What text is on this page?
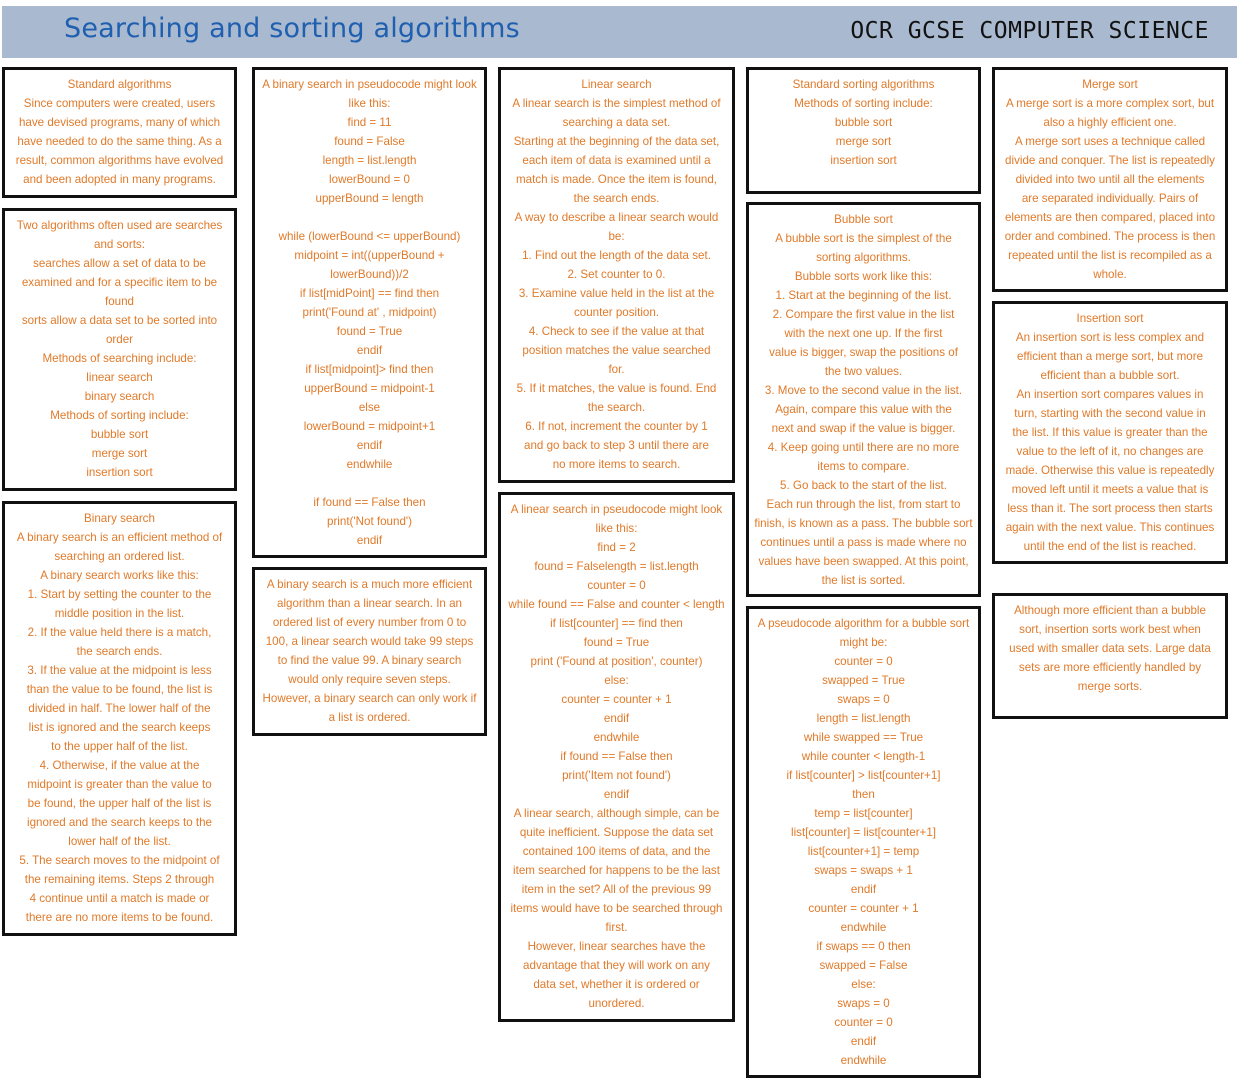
Searching and sorting algorithms	OCR GCSE COMPUTER SCIENCE
Standard algorithms
Since computers were created, users
have devised programs, many of which
have needed to do the same thing. As a
result, common algorithms have evolved
and been adopted in many programs.
Two algorithms often used are searches
and sorts:
searches allow a set of data to be
examined and for a specific item to be
found
sorts allow a data set to be sorted into
order
Methods of searching include:
linear search
binary search
Methods of sorting include:
bubble sort
merge sort
insertion sort
Binary search
A binary search is an efficient method of
searching an ordered list.
A binary search works like this:
1. Start by setting the counter to the
middle position in the list.
2. If the value held there is a match,
the search ends.
3. If the value at the midpoint is less
than the value to be found, the list is
divided in half. The lower half of the
list is ignored and the search keeps
to the upper half of the list.
4. Otherwise, if the value at the
midpoint is greater than the value to
be found, the upper half of the list is
ignored and the search keeps to the
lower half of the list.
5. The search moves to the midpoint of
the remaining items. Steps 2 through
4 continue until a match is made or
there are no more items to be found.
A binary search in pseudocode might look
like this:
find = 11
found = False
length = list.length
lowerBound = 0
upperBound = length

while (lowerBound <= upperBound)
midpoint = int((upperBound +
lowerBound))/2
if list[midPoint] == find then
print('Found at' , midpoint)
found = True
endif
if list[midpoint]> find then
upperBound = midpoint-1
else
lowerBound = midpoint+1
endif
endwhile

if found == False then
print('Not found')
endif
A binary search is a much more efficient
algorithm than a linear search. In an
ordered list of every number from 0 to
100, a linear search would take 99 steps
to find the value 99. A binary search
would only require seven steps.
However, a binary search can only work if
a list is ordered.
Linear search
A linear search is the simplest method of
searching a data set.
Starting at the beginning of the data set,
each item of data is examined until a
match is made. Once the item is found,
the search ends.
A way to describe a linear search would
be:
1. Find out the length of the data set.
2. Set counter to 0.
3. Examine value held in the list at the
counter position.
4. Check to see if the value at that
position matches the value searched
for.
5. If it matches, the value is found. End
the search.
6. If not, increment the counter by 1
and go back to step 3 until there are
no more items to search.
A linear search in pseudocode might look
like this:
find = 2
found = Falselength = list.length
counter = 0
while found == False and counter < length
if list[counter] == find then
found = True
print ('Found at position', counter)
else:
counter = counter + 1
endif
endwhile
if found == False then
print('Item not found')
endif
A linear search, although simple, can be
quite inefficient. Suppose the data set
contained 100 items of data, and the
item searched for happens to be the last
item in the set? All of the previous 99
items would have to be searched through
first.
However, linear searches have the
advantage that they will work on any
data set, whether it is ordered or
unordered.
Standard sorting algorithms
Methods of sorting include:
bubble sort
merge sort
insertion sort
Bubble sort
A bubble sort is the simplest of the
sorting algorithms.
Bubble sorts work like this:
1. Start at the beginning of the list.
2. Compare the first value in the list
with the next one up. If the first
value is bigger, swap the positions of
the two values.
3. Move to the second value in the list.
Again, compare this value with the
next and swap if the value is bigger.
4. Keep going until there are no more
items to compare.
5. Go back to the start of the list.
Each run through the list, from start to
finish, is known as a pass. The bubble sort
continues until a pass is made where no
values have been swapped. At this point,
the list is sorted.
A pseudocode algorithm for a bubble sort
might be:
counter = 0
swapped = True
swaps = 0
length = list.length
while swapped == True
while counter < length-1
if list[counter] > list[counter+1]
then
temp = list[counter]
list[counter] = list[counter+1]
list[counter+1] = temp
swaps = swaps + 1
endif
counter = counter + 1
endwhile
if swaps == 0 then
swapped = False
else:
swaps = 0
counter = 0
endif
endwhile
Merge sort
A merge sort is a more complex sort, but
also a highly efficient one.
A merge sort uses a technique called
divide and conquer. The list is repeatedly
divided into two until all the elements
are separated individually. Pairs of
elements are then compared, placed into
order and combined. The process is then
repeated until the list is recompiled as a
whole.
Insertion sort
An insertion sort is less complex and
efficient than a merge sort, but more
efficient than a bubble sort.
An insertion sort compares values in
turn, starting with the second value in
the list. If this value is greater than the
value to the left of it, no changes are
made. Otherwise this value is repeatedly
moved left until it meets a value that is
less than it. The sort process then starts
again with the next value. This continues
until the end of the list is reached.
Although more efficient than a bubble
sort, insertion sorts work best when
used with smaller data sets. Large data
sets are more efficiently handled by
merge sorts.
